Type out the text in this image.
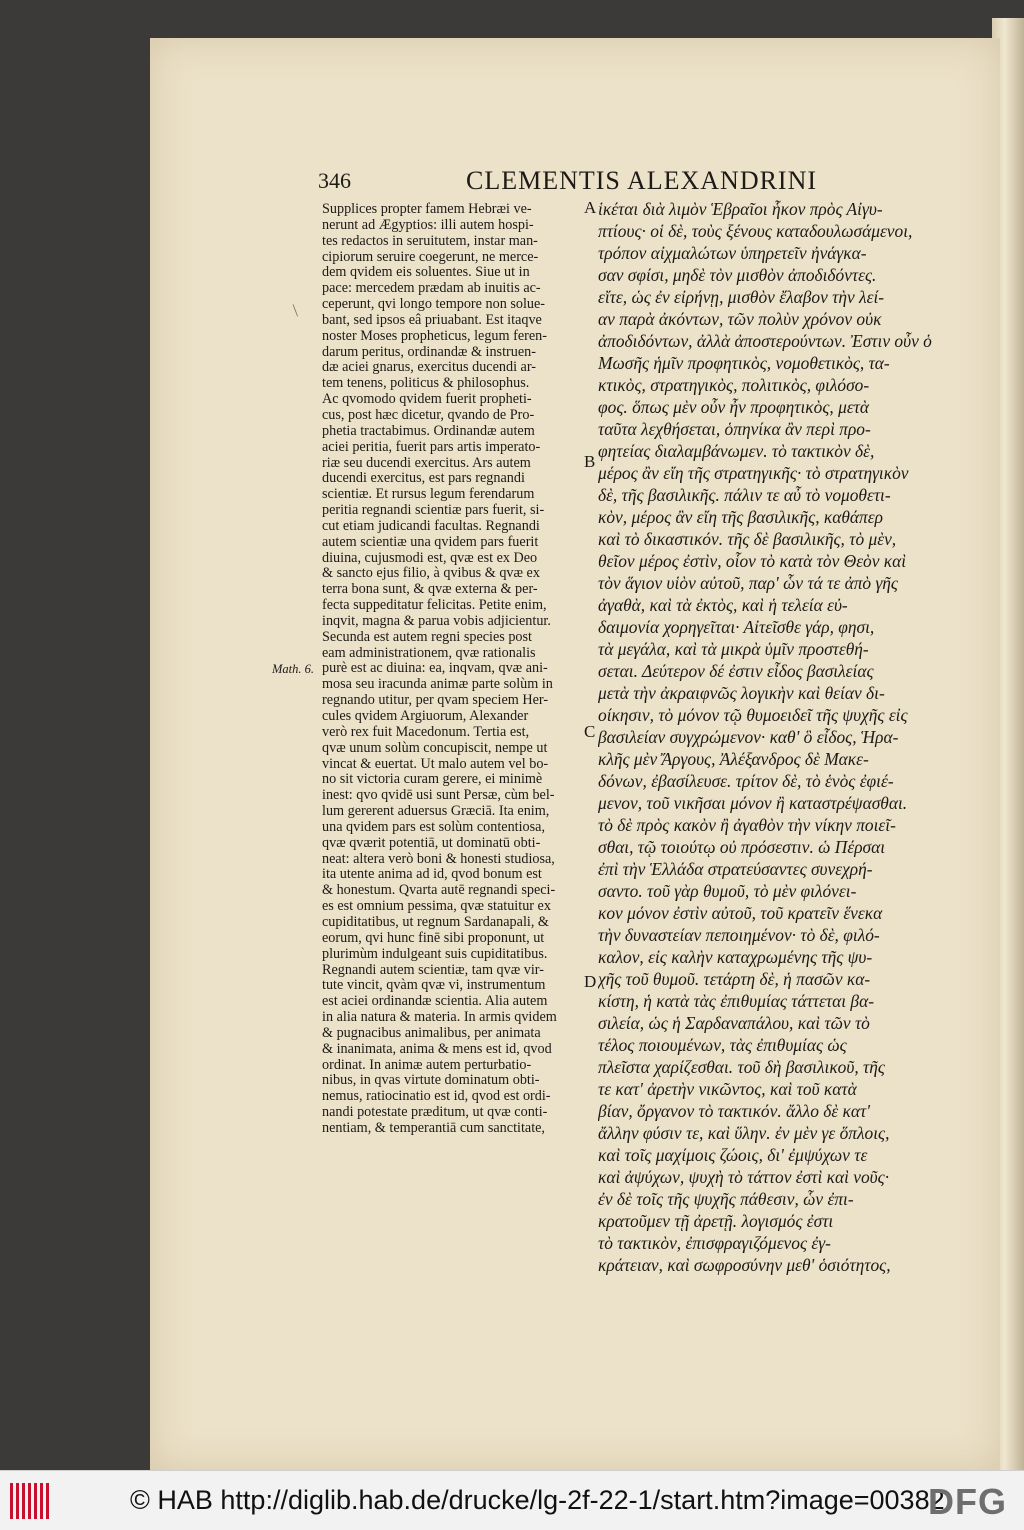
346	CLEMENTIS ALEXANDRINI
/
Supplices propter famem Hebræi ve-
nerunt ad Ægyptios: illi autem hospi-
tes redactos in seruitutem, instar man-
cipiorum seruire coegerunt, ne merce-
dem qvidem eis soluentes. Siue ut in
pace: mercedem prædam ab inuitis ac-
ceperunt, qvi longo tempore non solue-
bant, sed ipsos eâ priuabant. Est itaqve
noster Moses propheticus, legum feren-
darum peritus, ordinandæ & instruen-
dæ aciei gnarus, exercitus ducendi ar-
tem tenens, politicus & philosophus.
Ac qvomodo qvidem fuerit propheti-
cus, post hæc dicetur, qvando de Pro-
phetia tractabimus. Ordinandæ autem
aciei peritia, fuerit pars artis imperato-
riæ seu ducendi exercitus. Ars autem
ducendi exercitus, est pars regnandi
scientiæ. Et rursus legum ferendarum
peritia regnandi scientiæ pars fuerit, si-
cut etiam judicandi facultas. Regnandi
autem scientiæ una qvidem pars fuerit
diuina, cujusmodi est, qvæ est ex Deo
& sancto ejus filio, à qvibus & qvæ ex
terra bona sunt, & qvæ externa & per-
fecta suppeditatur felicitas. Petite enim,
inqvit, magna & parua vobis adjicientur.
Secunda est autem regni species post
eam administrationem, qvæ rationalis
purè est ac diuina: ea, inqvam, qvæ ani-
mosa seu iracunda animæ parte solùm in
regnando utitur, per qvam speciem Her-
cules qvidem Argiuorum, Alexander
verò rex fuit Macedonum. Tertia est,
qvæ unum solùm concupiscit, nempe ut
vincat & euertat. Ut malo autem vel bo-
no sit victoria curam gerere, ei minimè
inest: qvo qvidē usi sunt Persæ, cùm bel-
lum gererent aduersus Græciā. Ita enim,
una qvidem pars est solùm contentiosa,
qvæ qværit potentiā, ut dominatū obti-
neat: altera verò boni & honesti studiosa,
ita utente anima ad id, qvod bonum est
& honestum. Qvarta autē regnandi speci-
es est omnium pessima, qvæ statuitur ex
cupiditatibus, ut regnum Sardanapali, &
eorum, qvi hunc finē sibi proponunt, ut
plurimùm indulgeant suis cupiditatibus.
Regnandi autem scientiæ, tam qvæ vir-
tute vincit, qvàm qvæ vi, instrumentum
est aciei ordinandæ scientia. Alia autem
in alia natura & materia. In armis qvidem
& pugnacibus animalibus, per animata
& inanimata, anima & mens est id, qvod
ordinat. In animæ autem perturbatio-
nibus, in qvas virtute dominatum obti-
nemus, ratiocinatio est id, qvod est ordi-
nandi potestate præditum, ut qvæ conti-
nentiam, & temperantiā cum sanctitate,
ἱκέται διὰ λιμὸν Ἑβραῖοι ἧκον πρὸς Αἰγυ-
πτίους· οἱ δὲ, τοὺς ξένους καταδουλωσάμενοι,
τρόπον αἰχμαλώτων ὑπηρετεῖν ἠνάγκα-
σαν σφίσι, μηδὲ τὸν μισθὸν ἀποδιδόντες.
εἴτε, ὡς ἐν εἰρήνῃ, μισθὸν ἔλαβον τὴν λεί-
αν παρὰ ἀκόντων, τῶν πολὺν χρόνον οὐκ
ἀποδιδόντων, ἀλλὰ ἀποστερούντων. Ἐστιν οὖν ὁ
Μωσῆς ἡμῖν προφητικὸς, νομοθετικὸς, τα-
κτικὸς, στρατηγικὸς, πολιτικὸς, φιλόσο-
φος. ὅπως μὲν οὖν ἦν προφητικὸς, μετὰ
ταῦτα λεχθήσεται, ὁπηνίκα ἂν περὶ προ-
φητείας διαλαμβάνωμεν. τὸ τακτικὸν δὲ,
μέρος ἂν εἴη τῆς στρατηγικῆς· τὸ στρατηγικὸν
δὲ, τῆς βασιλικῆς. πάλιν τε αὖ τὸ νομοθετι-
κὸν, μέρος ἂν εἴη τῆς βασιλικῆς, καθάπερ
καὶ τὸ δικαστικόν. τῆς δὲ βασιλικῆς, τὸ μὲν,
θεῖον μέρος ἐστὶν, οἷον τὸ κατὰ τὸν Θεὸν καὶ
τὸν ἅγιον υἱὸν αὐτοῦ, παρ' ὧν τά τε ἀπὸ γῆς
ἀγαθὰ, καὶ τὰ ἐκτὸς, καὶ ἡ τελεία εὐ-
δαιμονία χορηγεῖται· Αἰτεῖσθε γάρ, φησι,
τὰ μεγάλα, καὶ τὰ μικρὰ ὑμῖν προστεθή-
σεται. Δεύτερον δέ ἐστιν εἶδος βασιλείας
μετὰ τὴν ἀκραιφνῶς λογικὴν καὶ θείαν δι-
οίκησιν, τὸ μόνον τῷ θυμοειδεῖ τῆς ψυχῆς εἰς
βασιλείαν συγχρώμενον· καθ' ὃ εἶδος, Ἡρα-
κλῆς μὲν Ἄργους, Ἀλέξανδρος δὲ Μακε-
δόνων, ἐβασίλευσε. τρίτον δὲ, τὸ ἑνὸς ἐφιέ-
μενον, τοῦ νικῆσαι μόνον ἢ καταστρέψασθαι.
τὸ δὲ πρὸς κακὸν ἢ ἀγαθὸν τὴν νίκην ποιεῖ-
σθαι, τῷ τοιούτῳ οὐ πρόσεστιν. ὡ Πέρσαι
ἐπὶ τὴν Ἑλλάδα στρατεύσαντες συνεχρή-
σαντο. τοῦ γὰρ θυμοῦ, τὸ μὲν φιλόνει-
κον μόνον ἐστὶν αὐτοῦ, τοῦ κρατεῖν ἕνεκα
τὴν δυναστείαν πεποιημένον· τὸ δὲ, φιλό-
καλον, εἰς καλὴν καταχρωμένης τῆς ψυ-
χῆς τοῦ θυμοῦ. τετάρτη δὲ, ἡ πασῶν κα-
κίστη, ἡ κατὰ τὰς ἐπιθυμίας τάττεται βα-
σιλεία, ὡς ἡ Σαρδαναπάλου, καὶ τῶν τὸ
τέλος ποιουμένων, τὰς ἐπιθυμίας ὡς
πλεῖστα χαρίζεσθαι. τοῦ δὴ βασιλικοῦ, τῆς
τε κατ' ἀρετὴν νικῶντος, καὶ τοῦ κατὰ
βίαν, ὄργανον τὸ τακτικόν. ἄλλο δὲ κατ'
ἄλλην φύσιν τε, καὶ ὕλην. ἐν μὲν γε ὅπλοις,
καὶ τοῖς μαχίμοις ζώοις, δι' ἐμψύχων τε
καὶ ἀψύχων, ψυχὴ τὸ τάττον ἐστὶ καὶ νοῦς·
ἐν δὲ τοῖς τῆς ψυχῆς πάθεσιν, ὧν ἐπι-
κρατοῦμεν τῇ ἀρετῇ. λογισμός ἐστι
τὸ τακτικὸν, ἐπισφραγιζόμενος ἐγ-
κράτειαν, καὶ σωφροσύνην μεθ' ὁσιότητος,
A
B
C
D
Math. 6.
© HAB http://diglib.hab.de/drucke/lg-2f-22-1/start.htm?image=00382
DFG
